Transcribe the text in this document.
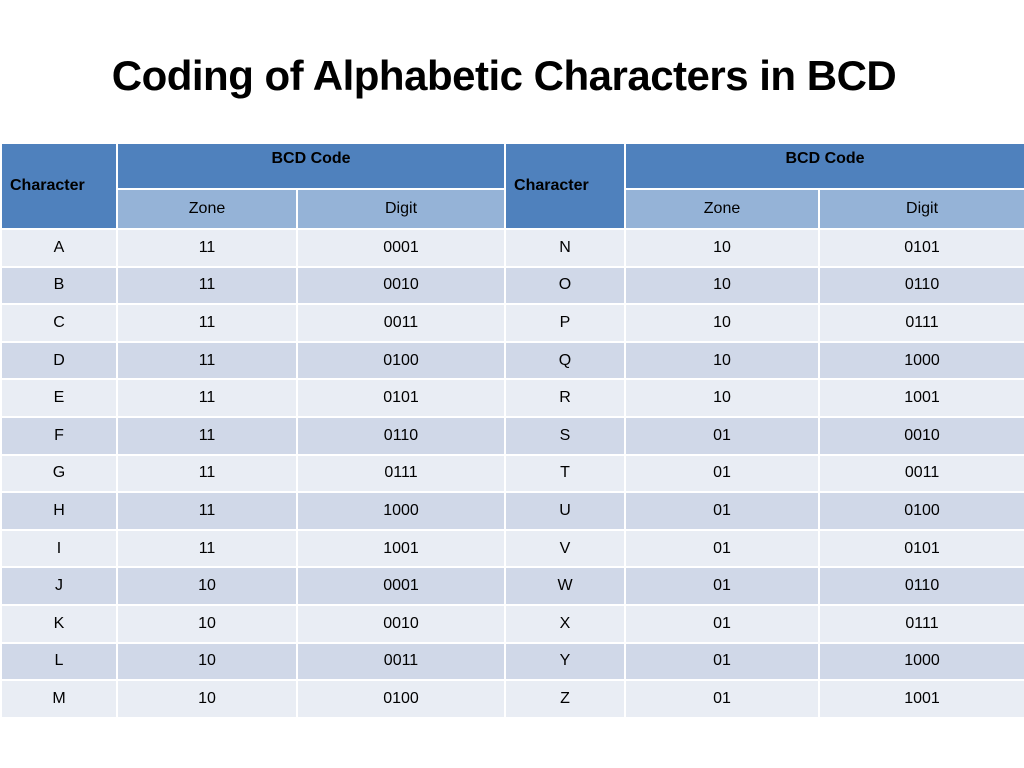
Coding of Alphabetic Characters in BCD
Character	BCD Code		Character	BCD Code	
	Zone	Digit		Zone	Digit
A	11	0001	N	10	0101
B	11	0010	O	10	0110
C	11	0011	P	10	0111
D	11	0100	Q	10	1000
E	11	0101	R	10	1001
F	11	0110	S	01	0010
G	11	0111	T	01	0011
H	11	1000	U	01	0100
I	11	1001	V	01	0101
J	10	0001	W	01	0110
K	10	0010	X	01	0111
L	10	0011	Y	01	1000
M	10	0100	Z	01	1001
